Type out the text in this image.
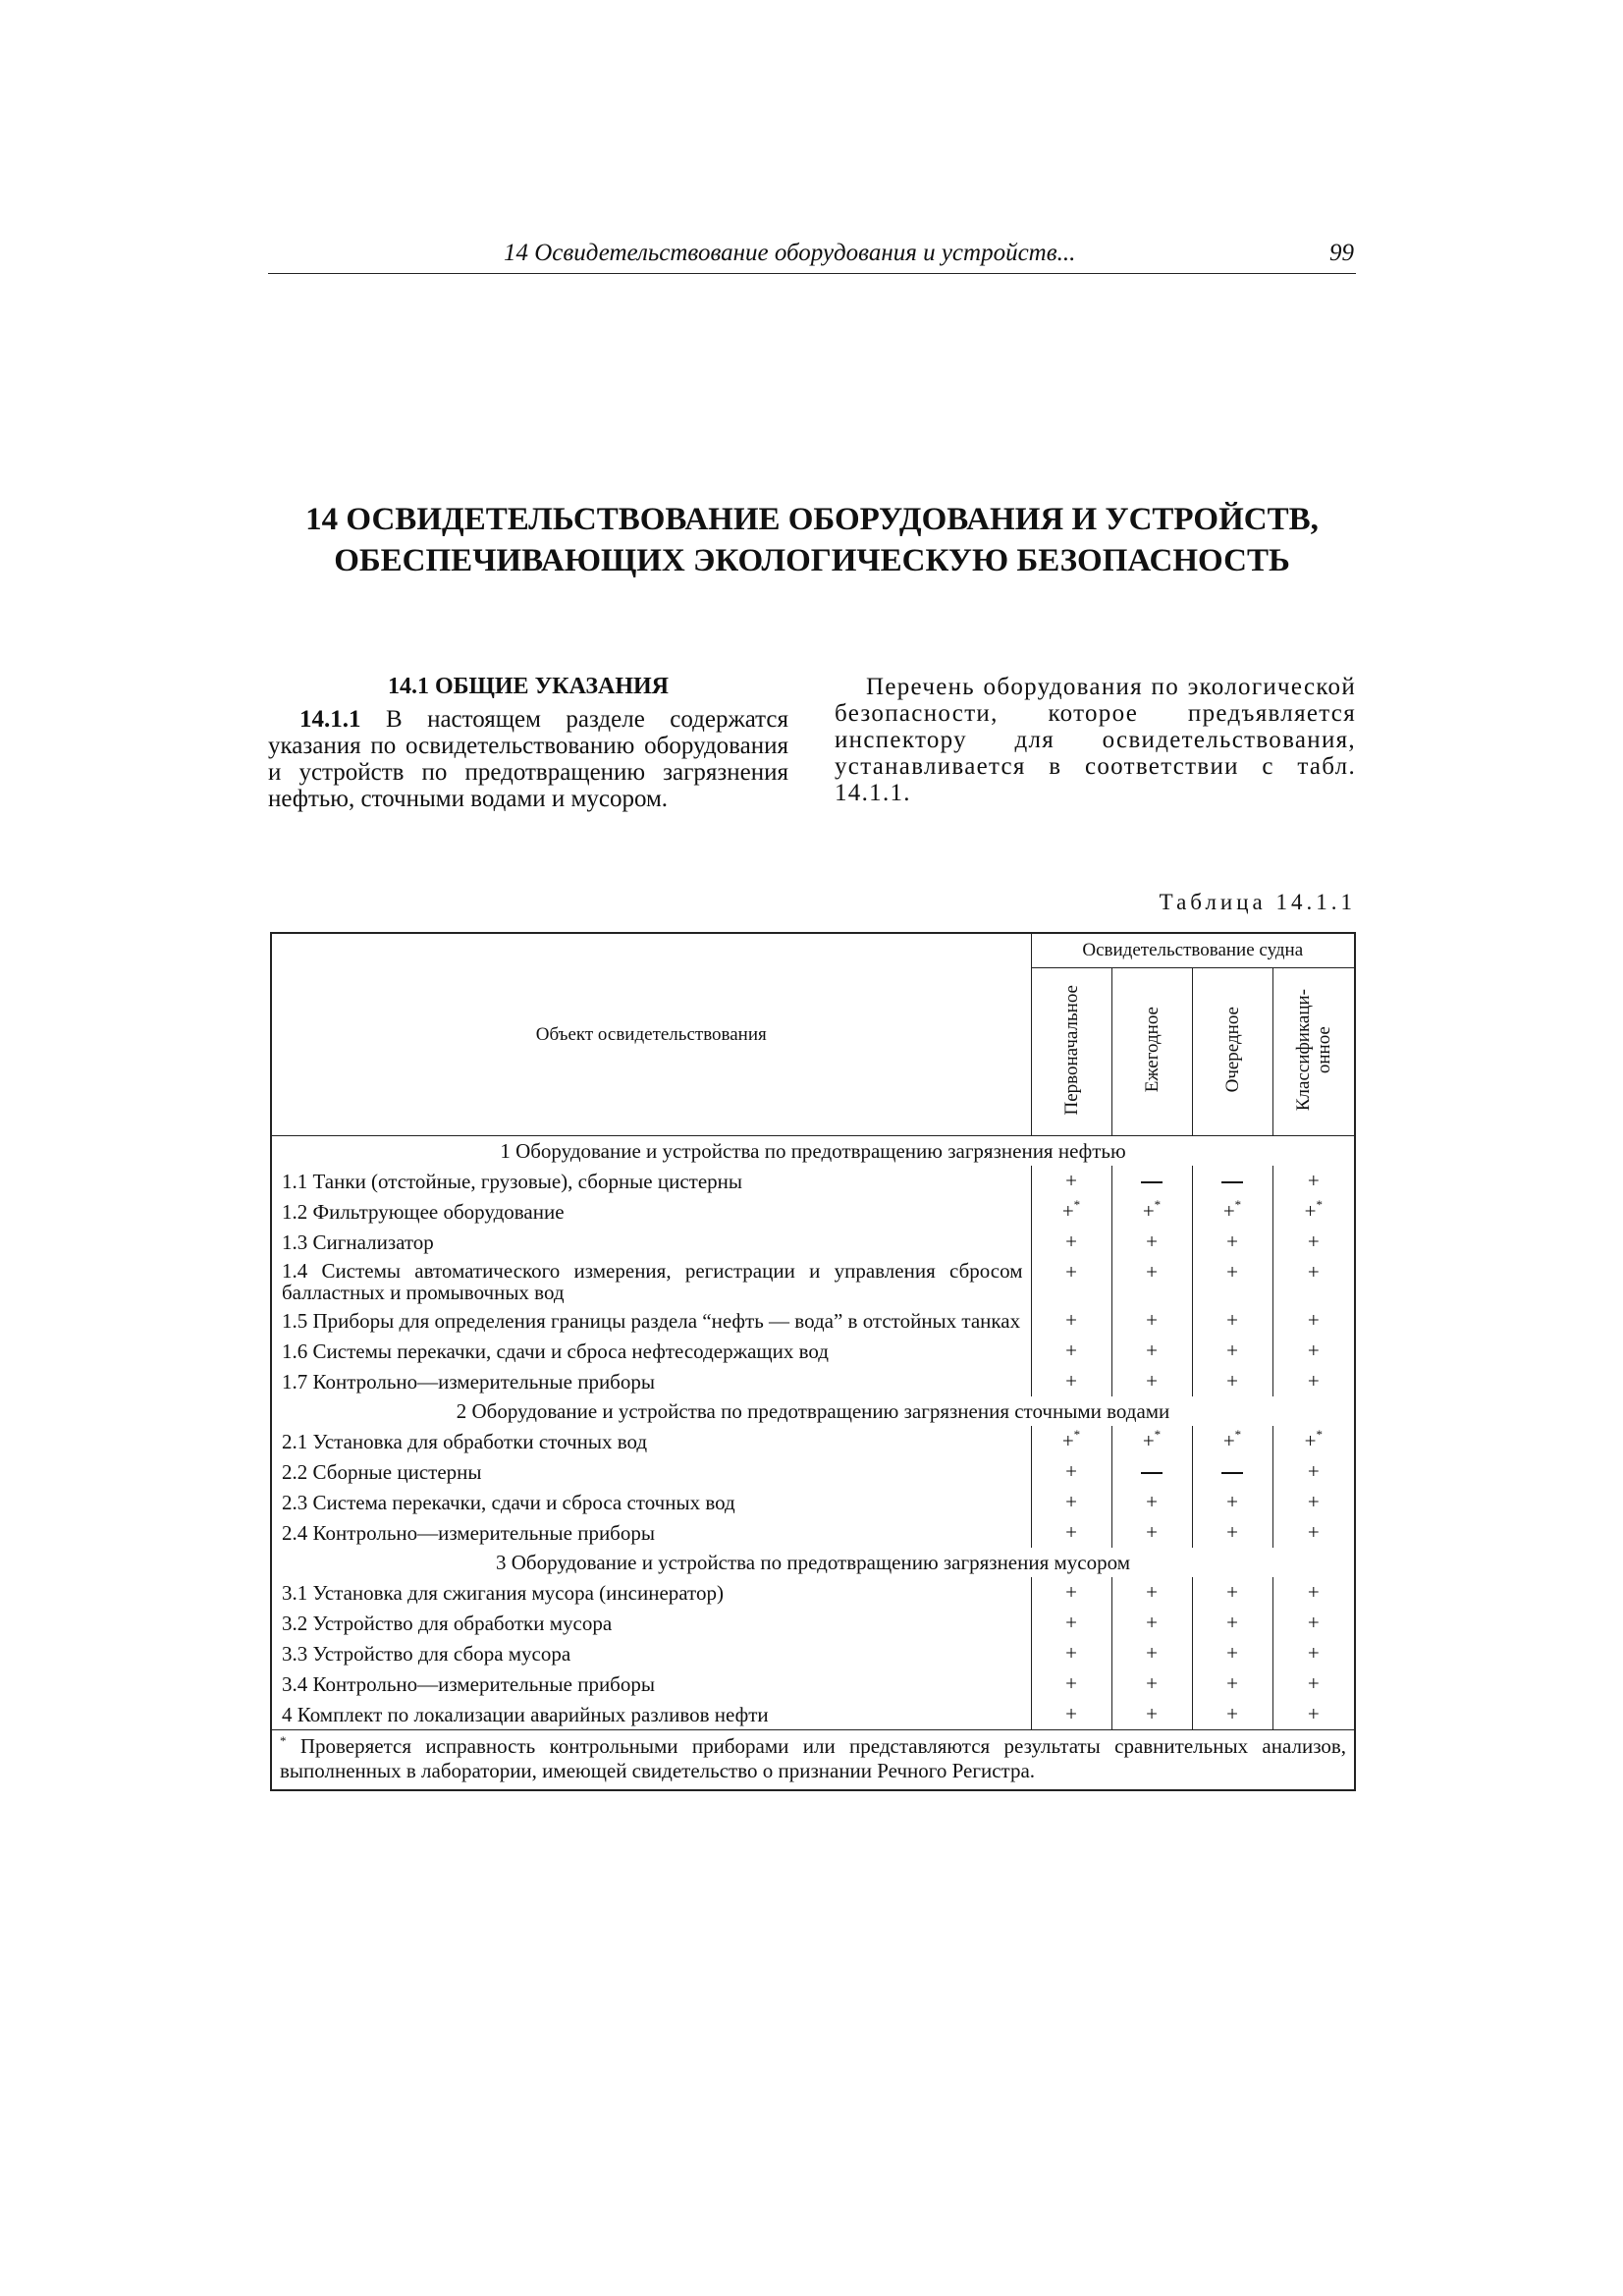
14 Освидетельствование оборудования и устройств...	99
14 ОСВИДЕТЕЛЬСТВОВАНИЕ ОБОРУДОВАНИЯ И УСТРОЙСТВ,
ОБЕСПЕЧИВАЮЩИХ ЭКОЛОГИЧЕСКУЮ БЕЗОПАСНОСТЬ
14.1 ОБЩИЕ УКАЗАНИЯ

14.1.1 В настоящем разделе содержатся указания по освидетельствованию оборудования и устройств по предотвращению загрязнения нефтью, сточными водами и мусором.

Перечень оборудования по экологической безопасности, которое предъявляется инспектору для освидетельствования, устанавливается в соответствии с табл. 14.1.1.

Таблица 14.1.1
Объект освидетельствования	Освидетельствование судна			
	Первоначальное	Ежегодное	Очередное	Классификаци-
онное
1 Оборудование и устройства по предотвращению загрязнения нефтью				
1.1 Танки (отстойные, грузовые), сборные цистерны	+			+
1.2 Фильтрующее оборудование	+*	+*	+*	+*
1.3 Сигнализатор	+	+	+	+
1.4 Системы автоматического измерения, регистрации и управления сбросом балластных и промывочных вод	+	+	+	+
1.5 Приборы для определения границы раздела “нефть — вода” в отстойных танках	+	+	+	+
1.6 Системы перекачки, сдачи и сброса нефтесодержащих вод	+	+	+	+
1.7 Контрольно—измерительные приборы	+	+	+	+
2 Оборудование и устройства по предотвращению загрязнения сточными водами				
2.1 Установка для обработки сточных вод	+*	+*	+*	+*
2.2 Сборные цистерны	+			+
2.3 Система перекачки, сдачи и сброса сточных вод	+	+	+	+
2.4 Контрольно—измерительные приборы	+	+	+	+
3 Оборудование и устройства по предотвращению загрязнения мусором				
3.1 Установка для сжигания мусора (инсинератор)	+	+	+	+
3.2 Устройство для обработки мусора	+	+	+	+
3.3 Устройство для сбора мусора	+	+	+	+
3.4 Контрольно—измерительные приборы	+	+	+	+
4 Комплект по локализации аварийных разливов нефти	+	+	+	+
* Проверяется исправность контрольными приборами или представляются результаты сравнительных анализов, выполненных в лаборатории, имеющей свидетельство о признании Речного Регистра.				
